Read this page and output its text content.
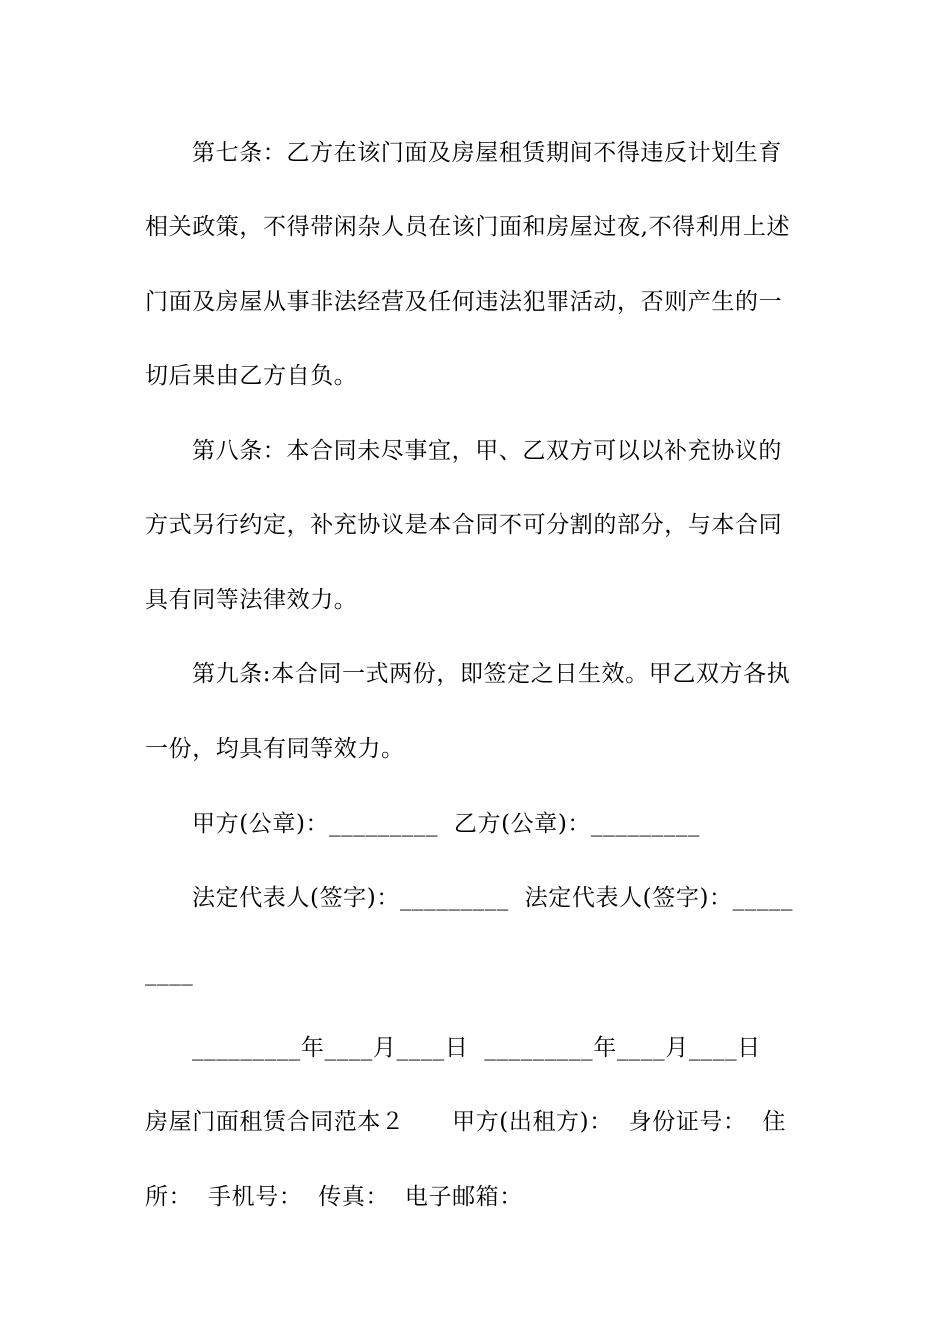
第七条：乙方在该门面及房屋租赁期间不得违反计划生育
相关政策，不得带闲杂人员在该门面和房屋过夜,不得利用上述
门面及房屋从事非法经营及任何违法犯罪活动，否则产生的一
切后果由乙方自负。
第八条：本合同未尽事宜，甲、乙双方可以以补充协议的
方式另行约定，补充协议是本合同不可分割的部分，与本合同
具有同等法律效力。
第九条:本合同一式两份，即签定之日生效。甲乙双方各执
一份，均具有同等效力。
甲方(公章)：_________  乙方(公章)：_________
法定代表人(签字)：_________  法定代表人(签字)：_____
____
_________年____月____日  _________年____月____日
房屋门面租赁合同范本２      甲方(出租方)：  身份证号：  住
所：  手机号：  传真：  电子邮箱：
